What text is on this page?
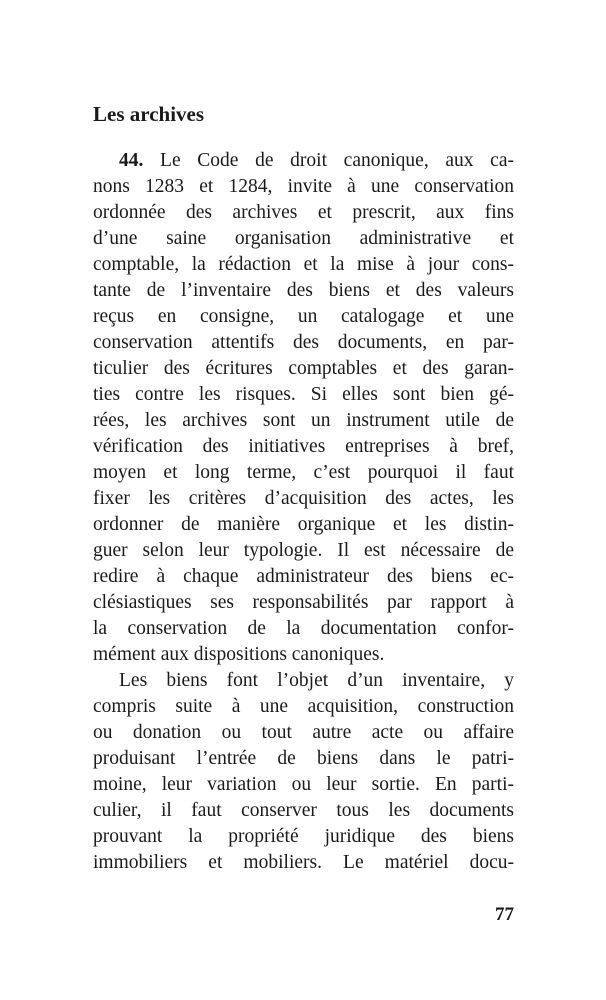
Les archives
44. Le Code de droit canonique, aux ca-
nons 1283 et 1284, invite à une conservation
ordonnée des archives et prescrit, aux fins
d’une saine organisation administrative et
comptable, la rédaction et la mise à jour cons-
tante de l’inventaire des biens et des valeurs
reçus en consigne, un catalogage et une
conservation attentifs des documents, en par-
ticulier des écritures comptables et des garan-
ties contre les risques. Si elles sont bien gé-
rées, les archives sont un instrument utile de
vérification des initiatives entreprises à bref,
moyen et long terme, c’est pourquoi il faut
fixer les critères d’acquisition des actes, les
ordonner de manière organique et les distin-
guer selon leur typologie. Il est nécessaire de
redire à chaque administrateur des biens ec-
clésiastiques ses responsabilités par rapport à
la conservation de la documentation confor-
mément aux dispositions canoniques.
Les biens font l’objet d’un inventaire, y
compris suite à une acquisition, construction
ou donation ou tout autre acte ou affaire
produisant l’entrée de biens dans le patri-
moine, leur variation ou leur sortie. En parti-
culier, il faut conserver tous les documents
prouvant la propriété juridique des biens
immobiliers et mobiliers. Le matériel docu-
77
